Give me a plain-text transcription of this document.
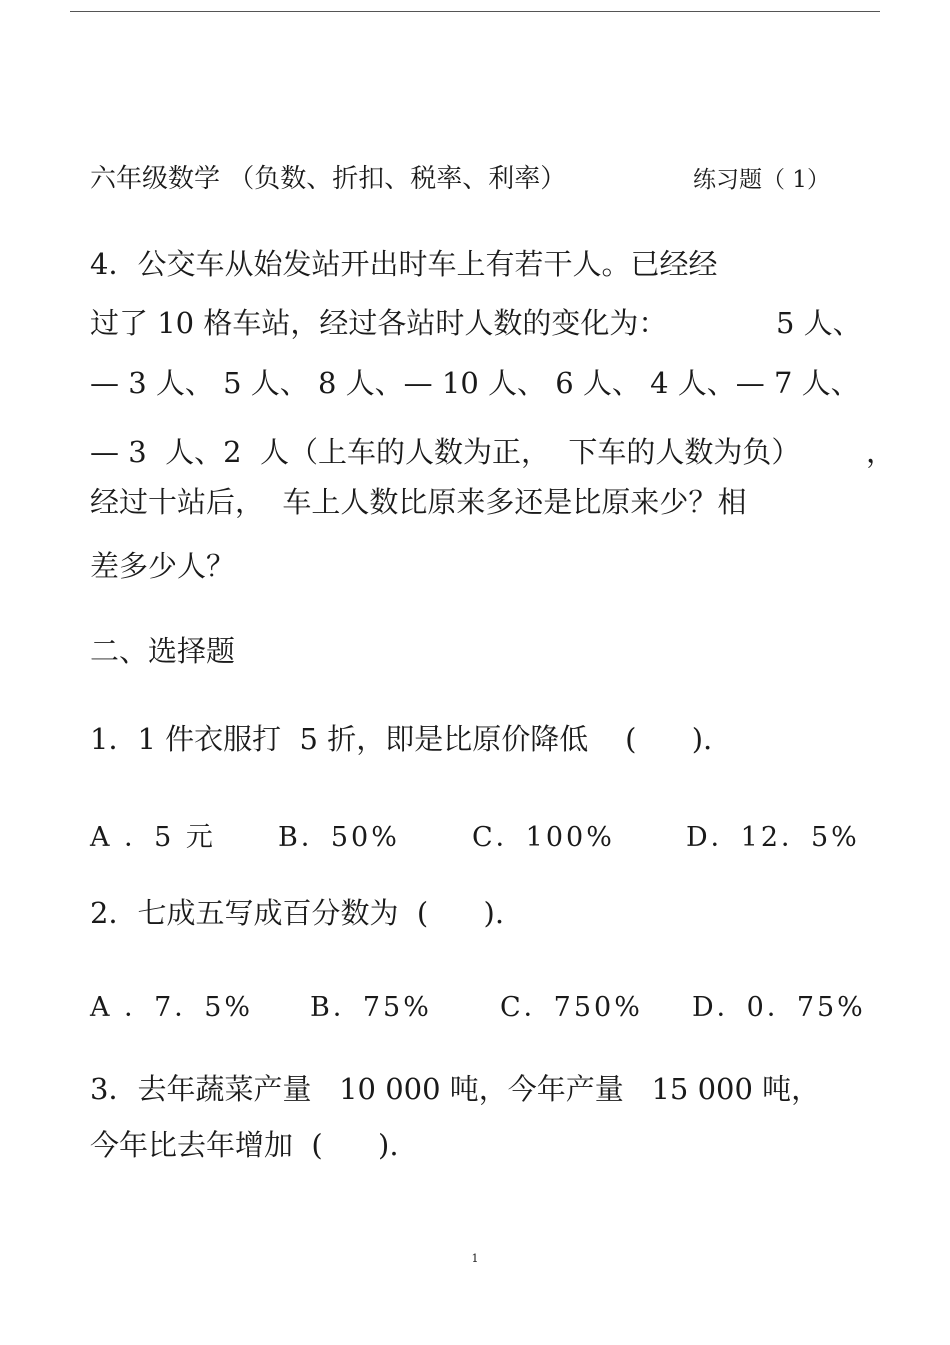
六年级数学 （负数、折扣、税率、利率）	练习题（ 1）
4．公交车从始发站开出时车上有若干人。已经经
过了 10 格车站，经过各站时人数的变化为：	5 人、
— 3 人、 5 人、 8 人、— 10 人、 6 人、 4 人、— 7 人、
— 3  人、2  人（上车的人数为正，  下车的人数为负） ，
经过十站后，  车上人数比原来多还是比原来少？相
差多少人？
二、选择题
1．1 件衣服打  5 折，即是比原价降低    (      ).
A ．5 元 B．50%	C．100%	D．12．5%
2．七成五写成百分数为  (      ).
A ．7．5% B．75%	C．750% D．0．75%
3．去年蔬菜产量   10 000 吨，今年产量   15 000 吨，
今年比去年增加  (      ).
1
